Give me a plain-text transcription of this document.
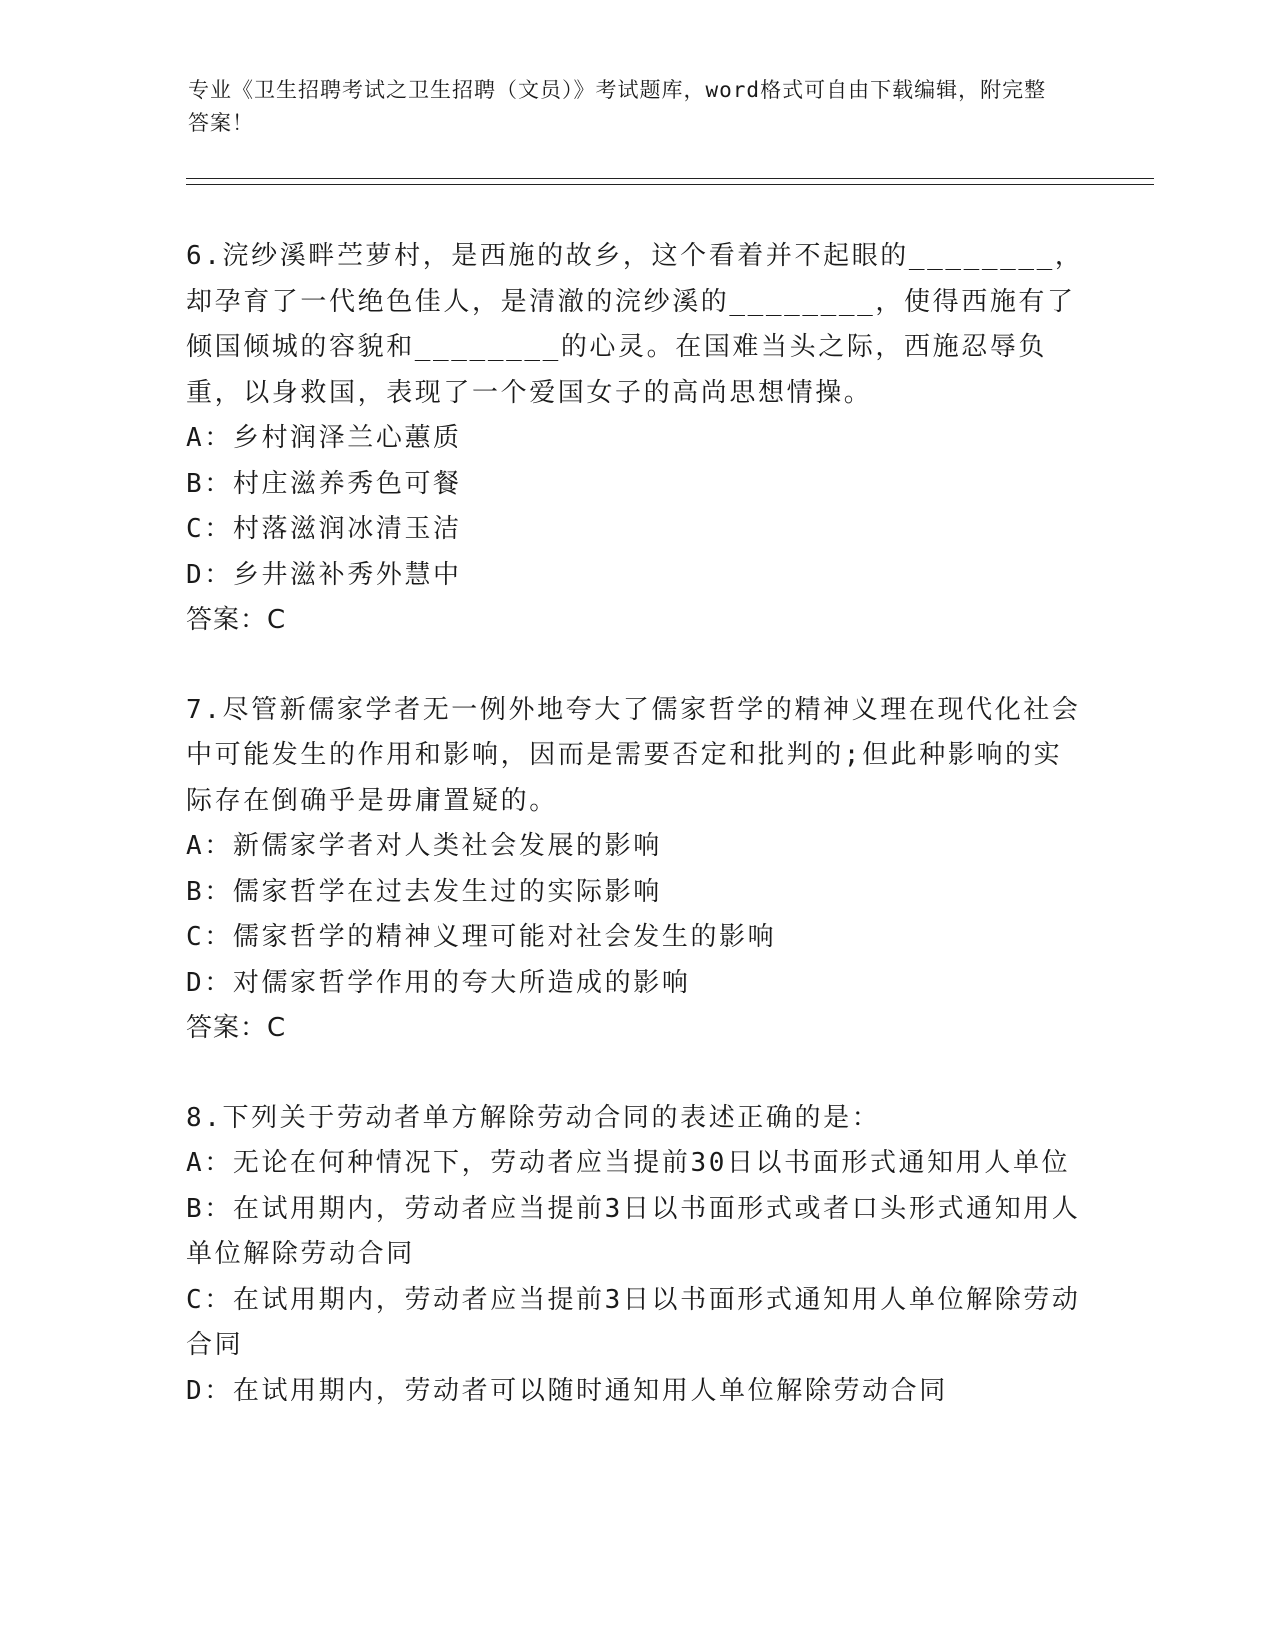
专业《卫生招聘考试之卫生招聘（文员）》考试题库，word格式可自由下载编辑，附完整答案！
6.浣纱溪畔苎萝村，是西施的故乡，这个看着并不起眼的________，却孕育了一代绝色佳人，是清澈的浣纱溪的________，使得西施有了倾国倾城的容貌和________的心灵。在国难当头之际，西施忍辱负重，以身救国，表现了一个爱国女子的高尚思想情操。
A：乡村润泽兰心蕙质
B：村庄滋养秀色可餐
C：村落滋润冰清玉洁
D：乡井滋补秀外慧中
答案：C
7.尽管新儒家学者无一例外地夸大了儒家哲学的精神义理在现代化社会中可能发生的作用和影响，因而是需要否定和批判的;但此种影响的实际存在倒确乎是毋庸置疑的。
A：新儒家学者对人类社会发展的影响
B：儒家哲学在过去发生过的实际影响
C：儒家哲学的精神义理可能对社会发生的影响
D：对儒家哲学作用的夸大所造成的影响
答案：C
8.下列关于劳动者单方解除劳动合同的表述正确的是：
A：无论在何种情况下，劳动者应当提前30日以书面形式通知用人单位
B：在试用期内，劳动者应当提前3日以书面形式或者口头形式通知用人单位解除劳动合同
C：在试用期内，劳动者应当提前3日以书面形式通知用人单位解除劳动合同
D：在试用期内，劳动者可以随时通知用人单位解除劳动合同
